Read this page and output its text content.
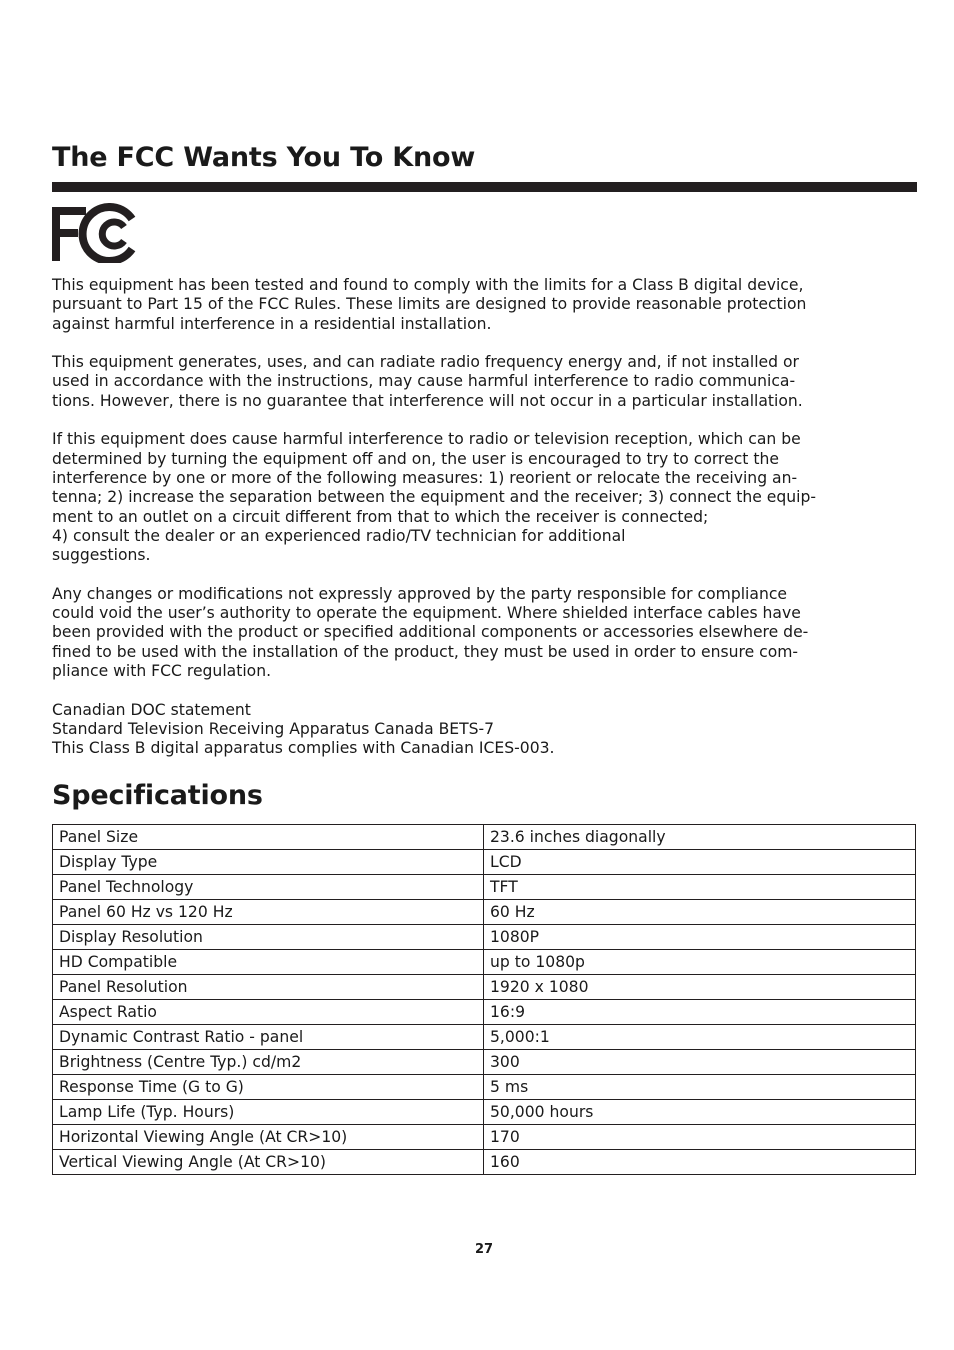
The FCC Wants You To Know

This equipment has been tested and found to comply with the limits for a Class B digital device,
pursuant to Part 15 of the FCC Rules. These limits are designed to provide reasonable protection
against harmful interference in a residential installation.

This equipment generates, uses, and can radiate radio frequency energy and, if not installed or
used in accordance with the instructions, may cause harmful interference to radio communica-
tions. However, there is no guarantee that interference will not occur in a particular installation.

If this equipment does cause harmful interference to radio or television reception, which can be
determined by turning the equipment off and on, the user is encouraged to try to correct the
interference by one or more of the following measures: 1) reorient or relocate the receiving an-
tenna; 2) increase the separation between the equipment and the receiver; 3) connect the equip-
ment to an outlet on a circuit different from that to which the receiver is connected;
4) consult the dealer or an experienced radio/TV technician for additional
suggestions.

Any changes or modifications not expressly approved by the party responsible for compliance
could void the user’s authority to operate the equipment. Where shielded interface cables have
been provided with the product or specified additional components or accessories elsewhere de-
fined to be used with the installation of the product, they must be used in order to ensure com-
pliance with FCC regulation.

Canadian DOC statement
Standard Television Receiving Apparatus Canada BETS-7
This Class B digital apparatus complies with Canadian ICES-003.

Specifications
Panel Size	23.6 inches diagonally
Display Type	LCD
Panel Technology	TFT
Panel 60 Hz vs 120 Hz	60 Hz
Display Resolution	1080P
HD Compatible	up to 1080p
Panel Resolution	1920 x 1080
Aspect Ratio	16:9
Dynamic Contrast Ratio - panel	5,000:1
Brightness (Centre Typ.) cd/m2	300
Response Time (G to G)	5 ms
Lamp Life (Typ. Hours)	50,000 hours
Horizontal Viewing Angle (At CR>10)	170
Vertical Viewing Angle (At CR>10)	160
27
